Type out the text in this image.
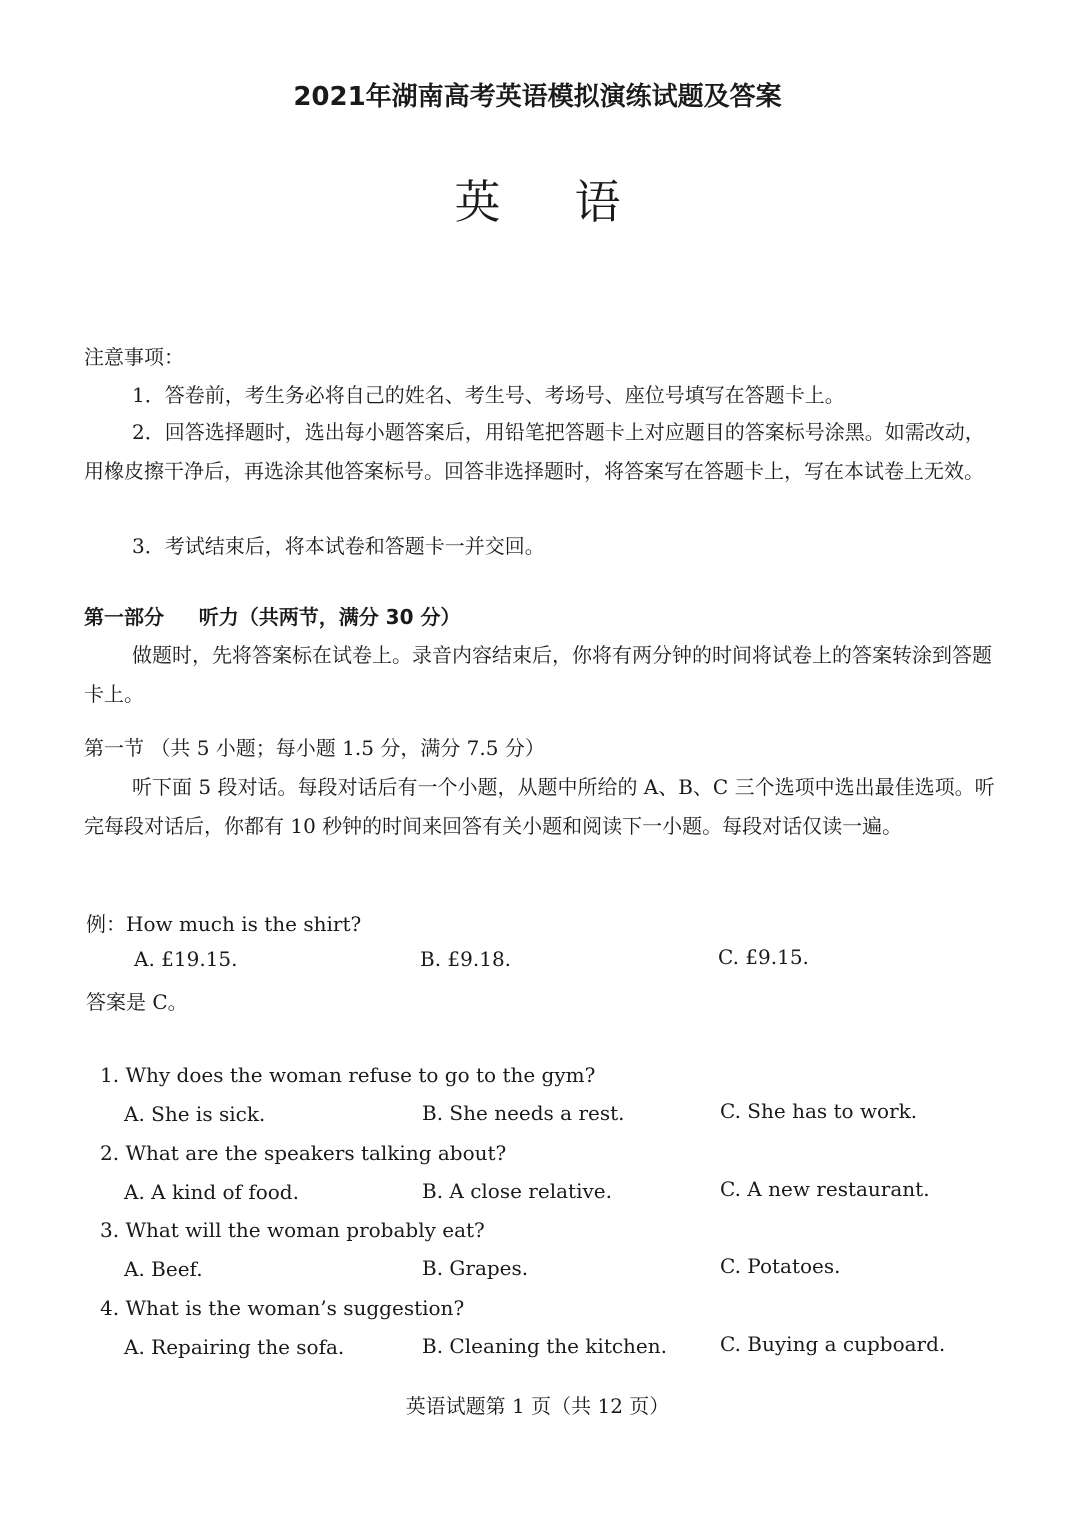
2021年湖南高考英语模拟演练试题及答案
英语
注意事项：
1．答卷前，考生务必将自己的姓名、考生号、考场号、座位号填写在答题卡上。
2．回答选择题时，选出每小题答案后，用铅笔把答题卡上对应题目的答案标号涂黑。如需改动，用橡皮擦干净后，再选涂其他答案标号。回答非选择题时，将答案写在答题卡上，写在本试卷上无效。
3．考试结束后，将本试卷和答题卡一并交回。
第一部分 听力（共两节，满分 30 分）
做题时，先将答案标在试卷上。录音内容结束后，你将有两分钟的时间将试卷上的答案转涂到答题卡上。
第一节 （共 5 小题；每小题 1.5 分，满分 7.5 分）
听下面 5 段对话。每段对话后有一个小题，从题中所给的 A、B、C 三个选项中选出最佳选项。听完每段对话后，你都有 10 秒钟的时间来回答有关小题和阅读下一小题。每段对话仅读一遍。
例：How much is the shirt?
A. £19.15.	B. £9.18.	C. £9.15.
答案是 C。
1. Why does the woman refuse to go to the gym?
A. She is sick.	B. She needs a rest.	C. She has to work.
2. What are the speakers talking about?
A. A kind of food.	B. A close relative.	C. A new restaurant.
3. What will the woman probably eat?
A. Beef.	B. Grapes.	C. Potatoes.
4. What is the woman’s suggestion?
A. Repairing the sofa.	B. Cleaning the kitchen.	C. Buying a cupboard.
英语试题第 1 页（共 12 页）
